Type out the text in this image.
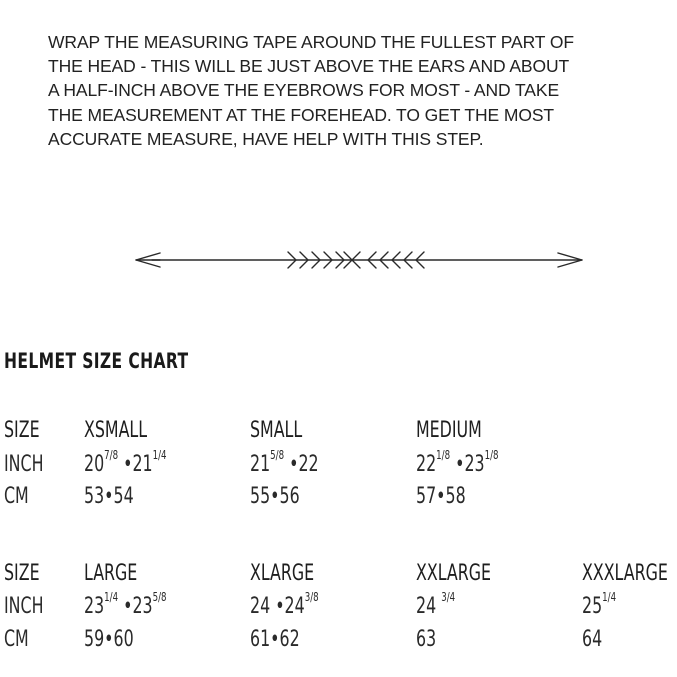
WRAP THE MEASURING TAPE AROUND THE FULLEST PART OF
THE HEAD - THIS WILL BE JUST ABOVE THE EARS AND ABOUT
A HALF-INCH ABOVE THE EYEBROWS FOR MOST - AND TAKE
THE MEASUREMENT AT THE FOREHEAD. TO GET THE MOST
ACCURATE MEASURE, HAVE HELP WITH THIS STEP.
HELMET SIZE CHART
SIZE
INCH
CM
XSMALL
$20^{7/8}$ $•21^{1/4}$
53•54
SMALL
$21^{5/8}$ •22
55•56
MEDIUM
$22^{1/8}$ $•23^{1/8}$
57•58
SIZE
INCH
CM
LARGE
$23^{1/4}$ $•23^{5/8}$
59•60
XLARGE
24 $•24^{3/8}$
61•62
XXLARGE
24 $^{3/4}$
63
XXXLARGE
$25^{1/4}$
64
